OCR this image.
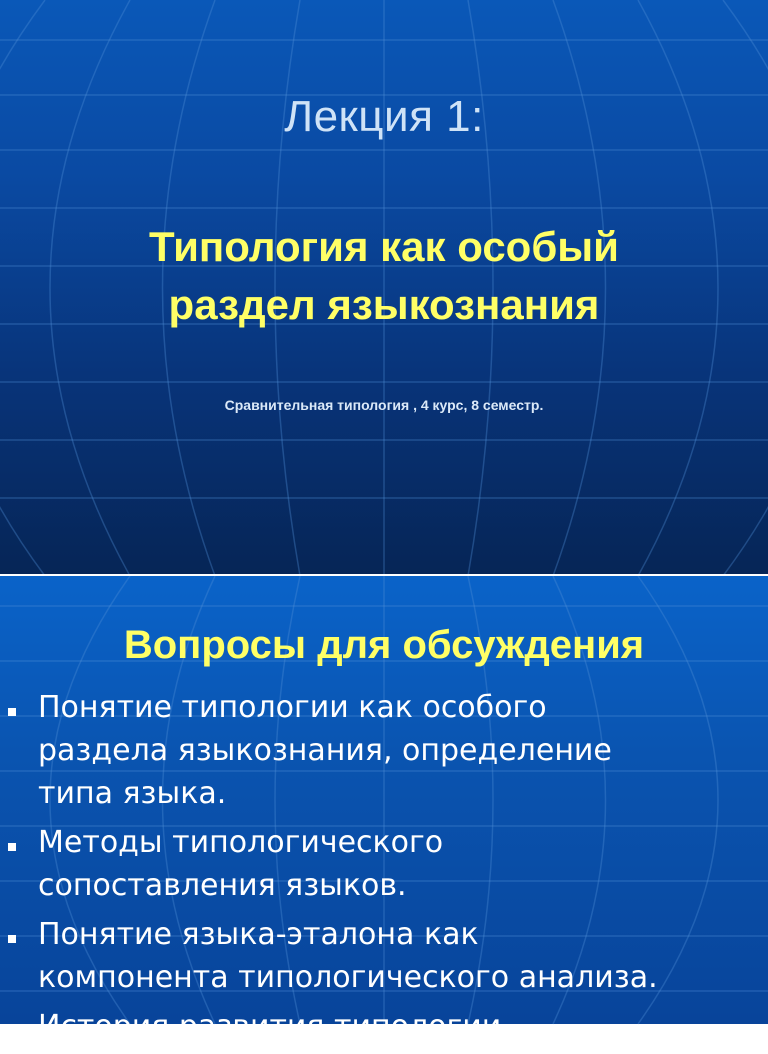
Лекция 1:
Типология как особый
раздел языкознания
Сравнительная типология , 4 курс, 8 семестр.
Вопросы для обсуждения
Понятие типологии как особого
раздела языкознания, определение
типа языка.
Методы типологического
сопоставления языков.
Понятие языка-эталона как
компонента типологического анализа.
История развития типологии
